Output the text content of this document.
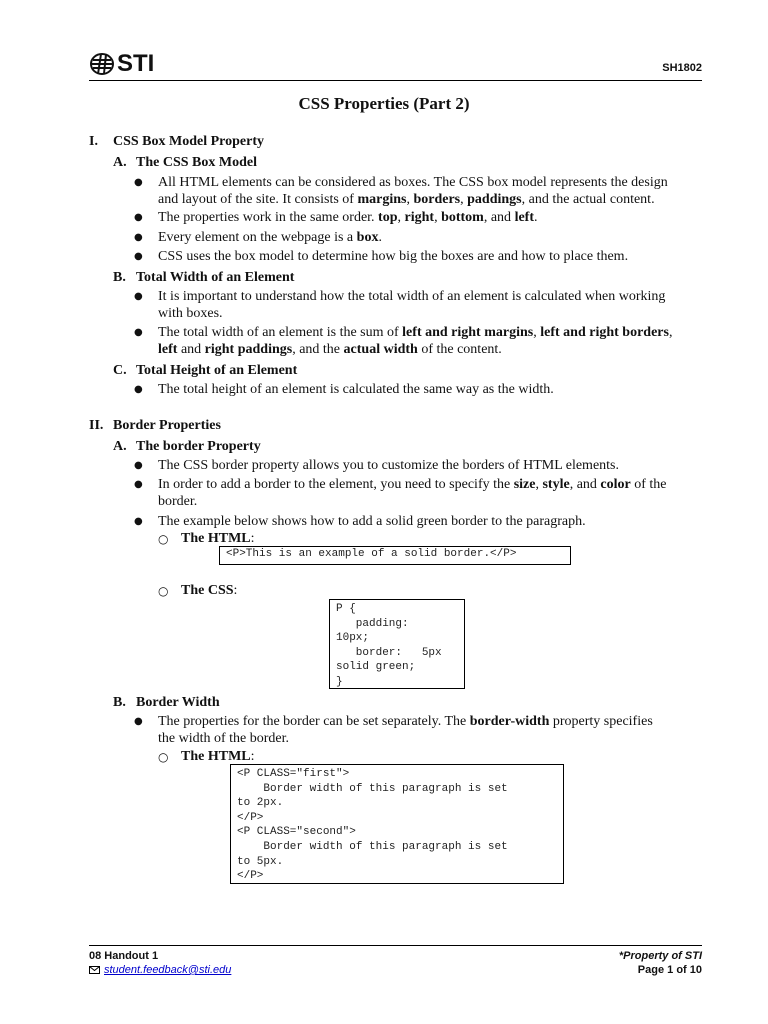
STI	SH1802
CSS Properties (Part 2)
I. CSS Box Model Property
A. The CSS Box Model
● All HTML elements can be considered as boxes. The CSS box model represents the design
and layout of the site. It consists of margins, borders, paddings, and the actual content.
● The properties work in the same order. top, right, bottom, and left.
● Every element on the webpage is a box.
● CSS uses the box model to determine how big the boxes are and how to place them.
B. Total Width of an Element
● It is important to understand how the total width of an element is calculated when working
with boxes.
● The total width of an element is the sum of left and right margins, left and right borders,
left and right paddings, and the actual width of the content.
C. Total Height of an Element
● The total height of an element is calculated the same way as the width.
II. Border Properties
A. The border Property
● The CSS border property allows you to customize the borders of HTML elements.
● In order to add a border to the element, you need to specify the size, style, and color of the
border.
● The example below shows how to add a solid green border to the paragraph.
○ The HTML:
<P>This is an example of a solid border.</P>
○ The CSS:
P {
padding:
10px;
border:   5px
solid green;
}
B. Border Width
● The properties for the border can be set separately. The border-width property specifies
the width of the border.
○ The HTML:
<P CLASS="first">
Border width of this paragraph is set
to 2px.
</P>
<P CLASS="second">
Border width of this paragraph is set
to 5px.
</P>
08 Handout 1
student.feedback@sti.edu
*Property of STI
Page 1 of 10
